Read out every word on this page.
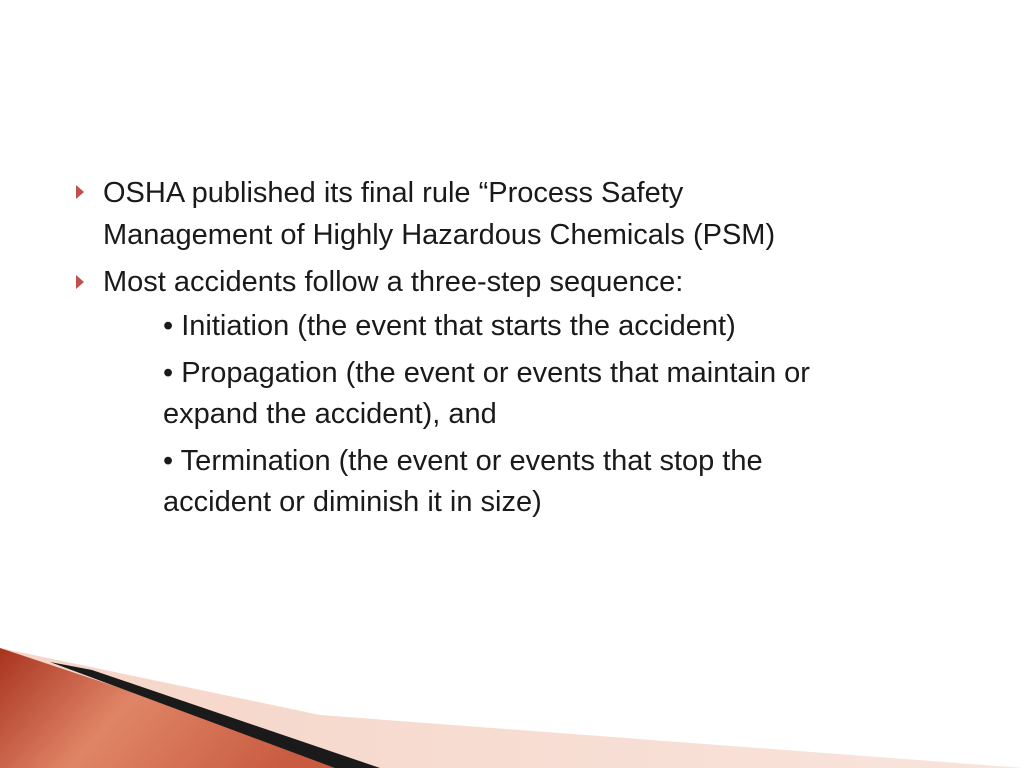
OSHA published its final rule “Process Safety
Management of Highly Hazardous Chemicals (PSM)
Most accidents follow a three-step sequence:
• Initiation (the event that starts the accident)
• Propagation (the event or events that maintain or
expand the accident), and
• Termination (the event or events that stop the
accident or diminish it in size)
